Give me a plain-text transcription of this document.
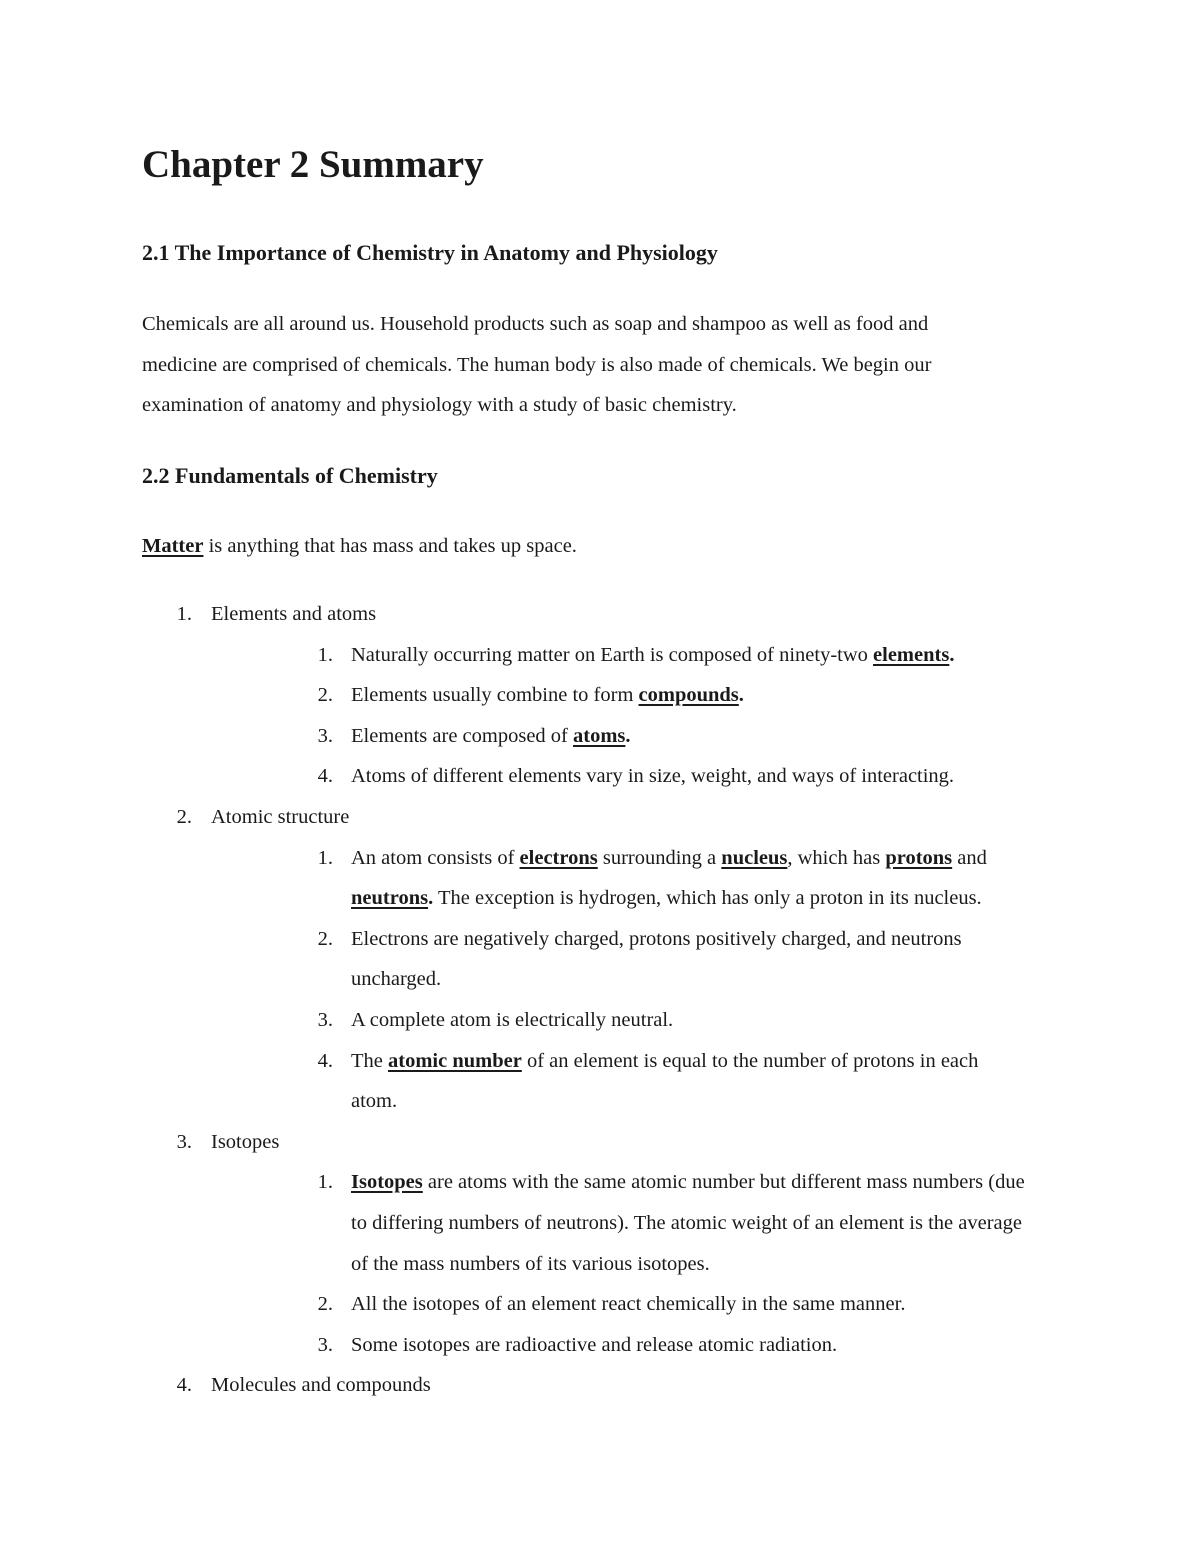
Chapter 2 Summary
2.1 The Importance of Chemistry in Anatomy and Physiology

Chemicals are all around us. Household products such as soap and shampoo as well as food and
medicine are comprised of chemicals. The human body is also made of chemicals. We begin our
examination of anatomy and physiology with a study of basic chemistry.

2.2 Fundamentals of Chemistry

Matter is anything that has mass and takes up space.

1. Elements and atoms
1. Naturally occurring matter on Earth is composed of ninety-two elements.
2. Elements usually combine to form compounds.
3. Elements are composed of atoms.
4. Atoms of different elements vary in size, weight, and ways of interacting.
2. Atomic structure
1. An atom consists of electrons surrounding a nucleus, which has protons and
neutrons. The exception is hydrogen, which has only a proton in its nucleus.
2. Electrons are negatively charged, protons positively charged, and neutrons
uncharged.
3. A complete atom is electrically neutral.
4. The atomic number of an element is equal to the number of protons in each
atom.
3. Isotopes
1. Isotopes are atoms with the same atomic number but different mass numbers (due
to differing numbers of neutrons). The atomic weight of an element is the average
of the mass numbers of its various isotopes.
2. All the isotopes of an element react chemically in the same manner.
3. Some isotopes are radioactive and release atomic radiation.
4. Molecules and compounds
